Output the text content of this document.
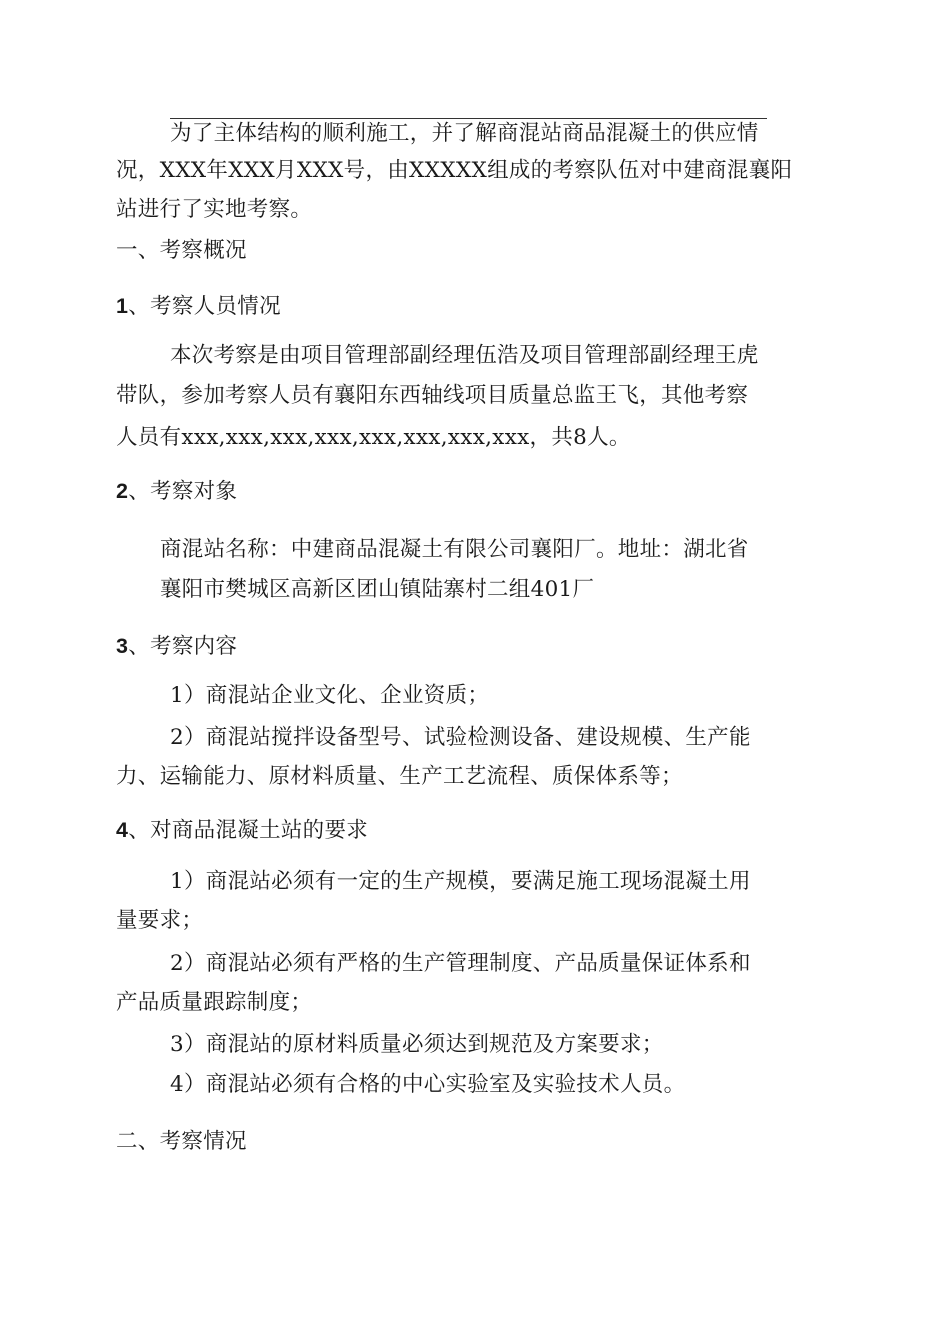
为了主体结构的顺利施工，并了解商混站商品混凝土的供应情
况，XXX年XXX月XXX号，由XXXXX组成的考察队伍对中建商混襄阳
站进行了实地考察。
一、考察概况
1、考察人员情况
本次考察是由项目管理部副经理伍浩及项目管理部副经理王虎
带队，参加考察人员有襄阳东西轴线项目质量总监王飞，其他考察
人员有xxx,xxx,xxx,xxx,xxx,xxx,xxx,xxx，共8人。
2、考察对象
商混站名称：中建商品混凝土有限公司襄阳厂。地址：湖北省
襄阳市樊城区高新区团山镇陆寨村二组401厂
3、考察内容
1）商混站企业文化、企业资质；
2）商混站搅拌设备型号、试验检测设备、建设规模、生产能
力、运输能力、原材料质量、生产工艺流程、质保体系等；
4、对商品混凝土站的要求
1）商混站必须有一定的生产规模，要满足施工现场混凝土用
量要求；
2）商混站必须有严格的生产管理制度、产品质量保证体系和
产品质量跟踪制度；
3）商混站的原材料质量必须达到规范及方案要求；
4）商混站必须有合格的中心实验室及实验技术人员。
二、考察情况
